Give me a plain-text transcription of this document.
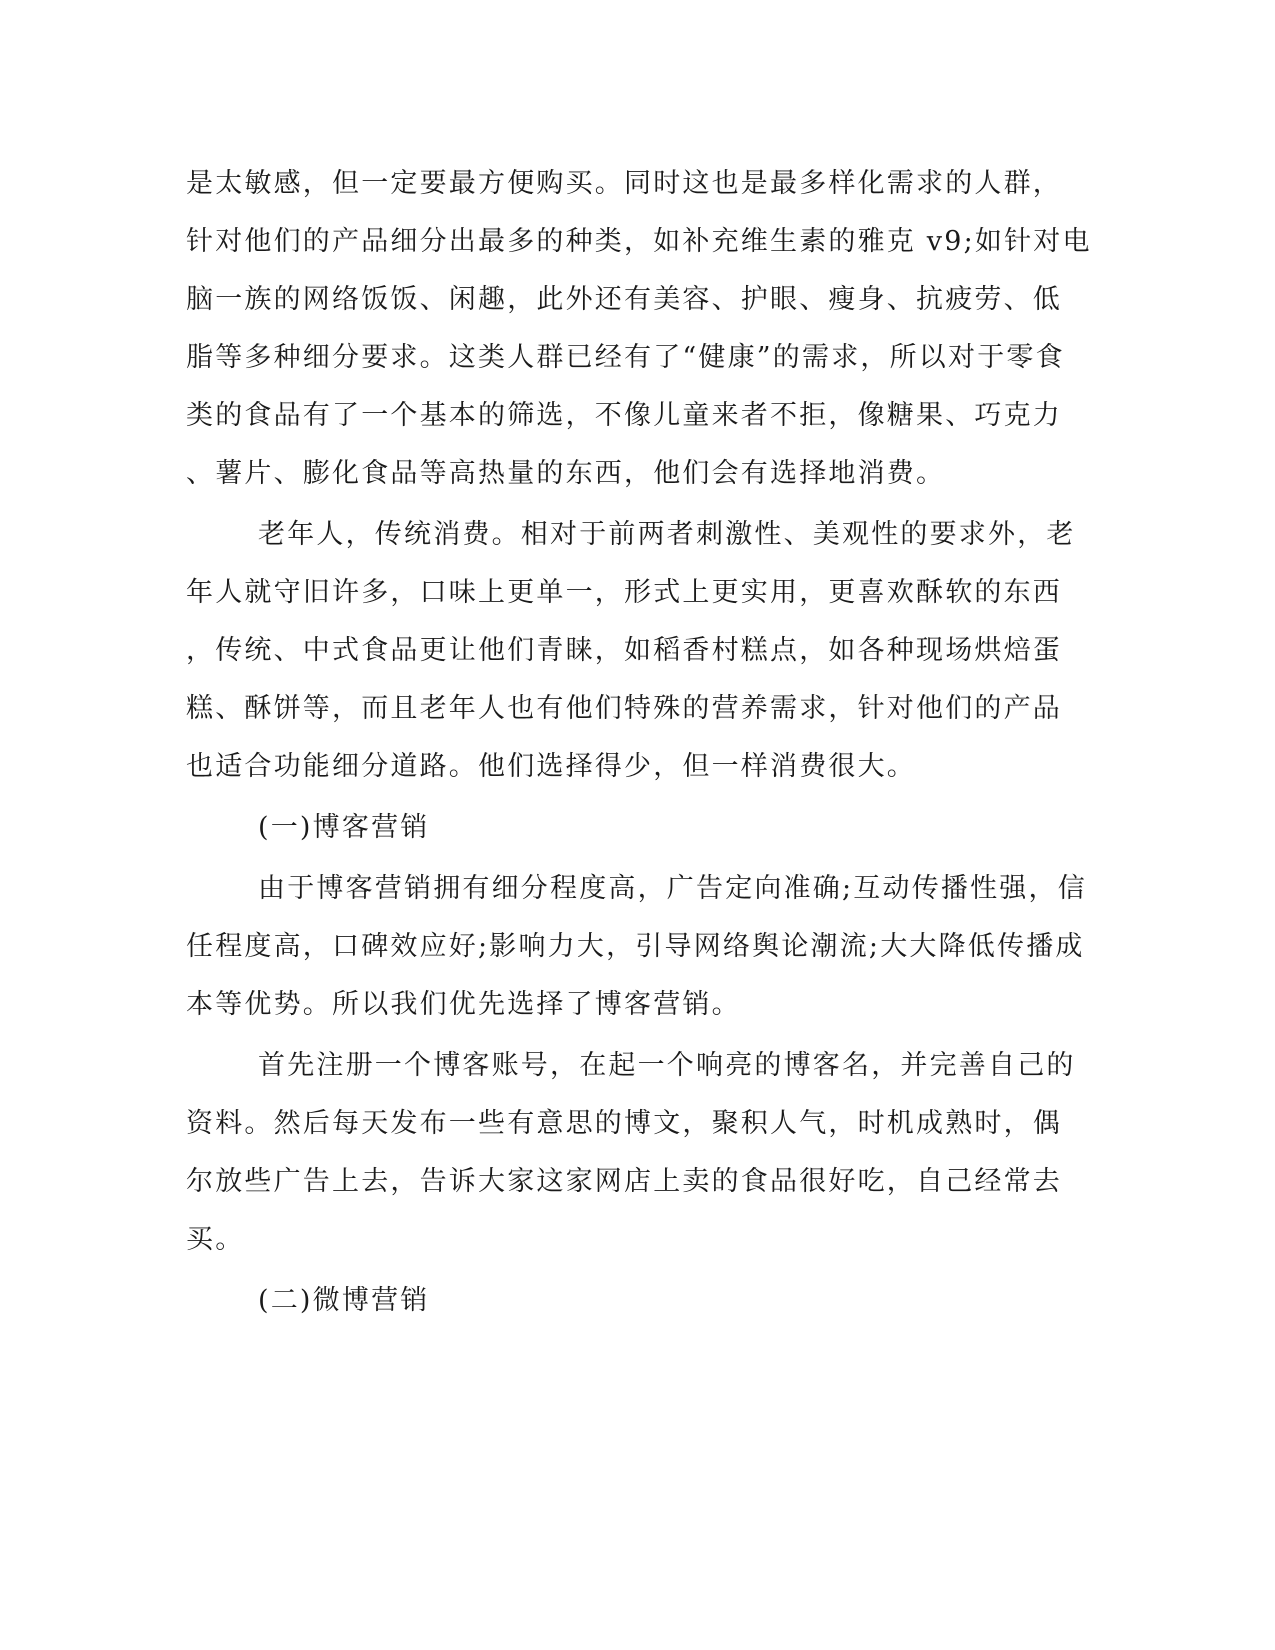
是太敏感，但一定要最方便购买。同时这也是最多样化需求的人群，
针对他们的产品细分出最多的种类，如补充维生素的雅克 v9;如针对电
脑一族的网络饭饭、闲趣，此外还有美容、护眼、瘦身、抗疲劳、低
脂等多种细分要求。这类人群已经有了“健康”的需求，所以对于零食
类的食品有了一个基本的筛选，不像儿童来者不拒，像糖果、巧克力
、薯片、膨化食品等高热量的东西，他们会有选择地消费。
老年人，传统消费。相对于前两者刺激性、美观性的要求外，老
年人就守旧许多，口味上更单一，形式上更实用，更喜欢酥软的东西
，传统、中式食品更让他们青睐，如稻香村糕点，如各种现场烘焙蛋
糕、酥饼等，而且老年人也有他们特殊的营养需求，针对他们的产品
也适合功能细分道路。他们选择得少，但一样消费很大。
(一)博客营销
由于博客营销拥有细分程度高，广告定向准确;互动传播性强，信
任程度高，口碑效应好;影响力大，引导网络舆论潮流;大大降低传播成
本等优势。所以我们优先选择了博客营销。
首先注册一个博客账号，在起一个响亮的博客名，并完善自己的
资料。然后每天发布一些有意思的博文，聚积人气，时机成熟时，偶
尔放些广告上去，告诉大家这家网店上卖的食品很好吃，自己经常去
买。
(二)微博营销
